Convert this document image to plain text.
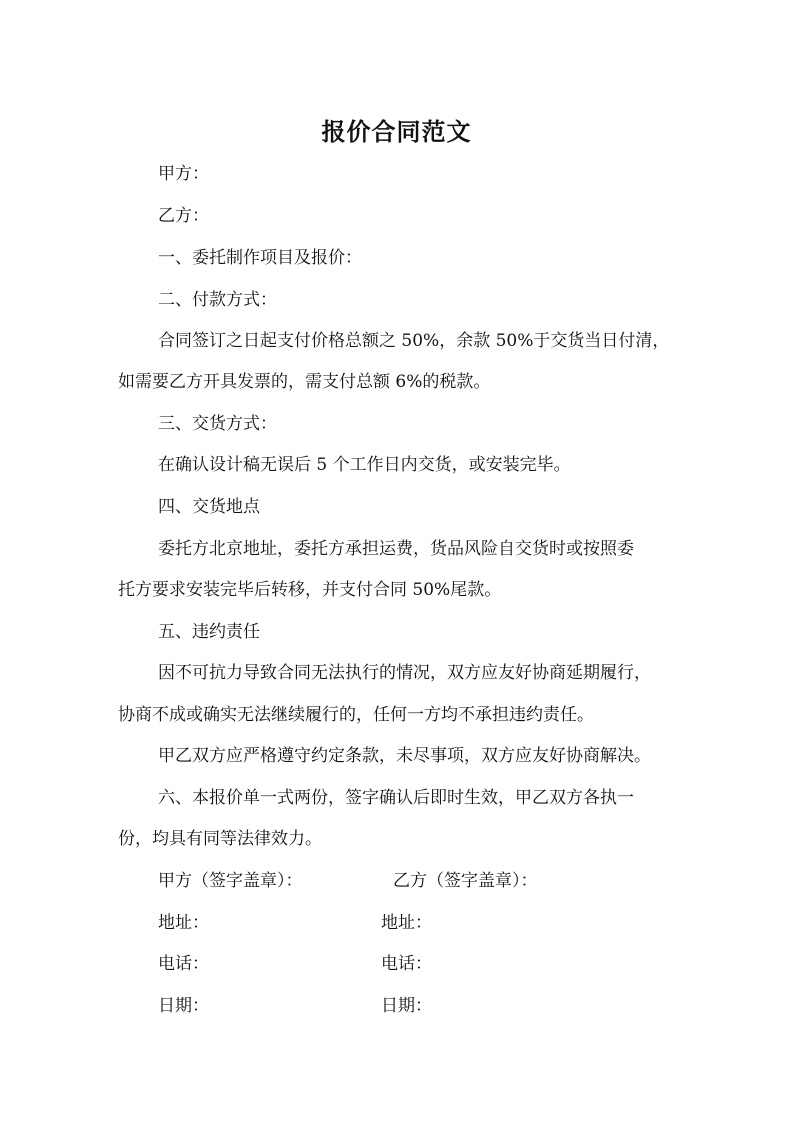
报价合同范文
甲方：
乙方：
一、委托制作项目及报价：
二、付款方式：
合同签订之日起支付价格总额之 50%，余款 50%于交货当日付清，
如需要乙方开具发票的，需支付总额 6%的税款。
三、交货方式：
在确认设计稿无误后 5 个工作日内交货，或安装完毕。
四、交货地点
委托方北京地址，委托方承担运费，货品风险自交货时或按照委
托方要求安装完毕后转移，并支付合同 50%尾款。
五、违约责任
因不可抗力导致合同无法执行的情况，双方应友好协商延期履行，
协商不成或确实无法继续履行的，任何一方均不承担违约责任。
甲乙双方应严格遵守约定条款，未尽事项，双方应友好协商解决。
六、本报价单一式两份，签字确认后即时生效，甲乙双方各执一
份，均具有同等法律效力。
甲方（签字盖章）：	乙方（签字盖章）：
地址：	地址：
电话：	电话：
日期：	日期：
